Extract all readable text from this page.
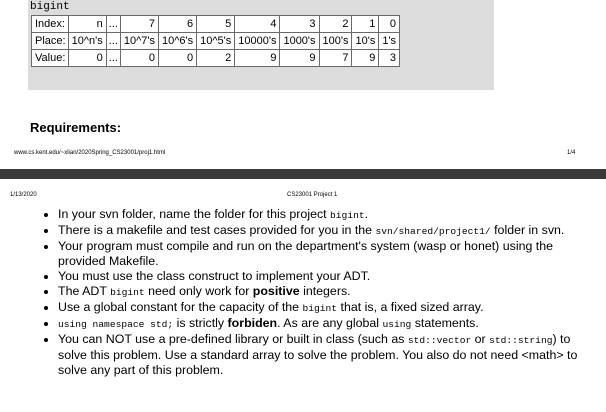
bigint
Index:	n	...	7	6	5	4	3	2	1	0
Place:	10^n's	...	10^7's	10^6's	10^5's	10000's	1000's	100's	10's	1's
Value:	0	...	0	0	2	9	9	7	9	3
Requirements:
www.cs.kent.edu/~xlian/2020Spring_CS23001/proj1.html	1/4
1/13/2020	CS23001 Project 1
• In your svn folder, name the folder for this project bigint.
• There is a makefile and test cases provided for you in the svn/shared/project1/ folder in svn.
• Your program must compile and run on the department's system (wasp or honet) using the provided Makefile.
• You must use the class construct to implement your ADT.
• The ADT bigint need only work for positive integers.
• Use a global constant for the capacity of the bigint that is, a fixed sized array.
• using namespace std; is strictly forbiden. As are any global using statements.
• You can NOT use a pre-defined library or built in class (such as std::vector or std::string) to solve this problem. Use a standard array to solve the problem. You also do not need <math> to solve any part of this problem.
